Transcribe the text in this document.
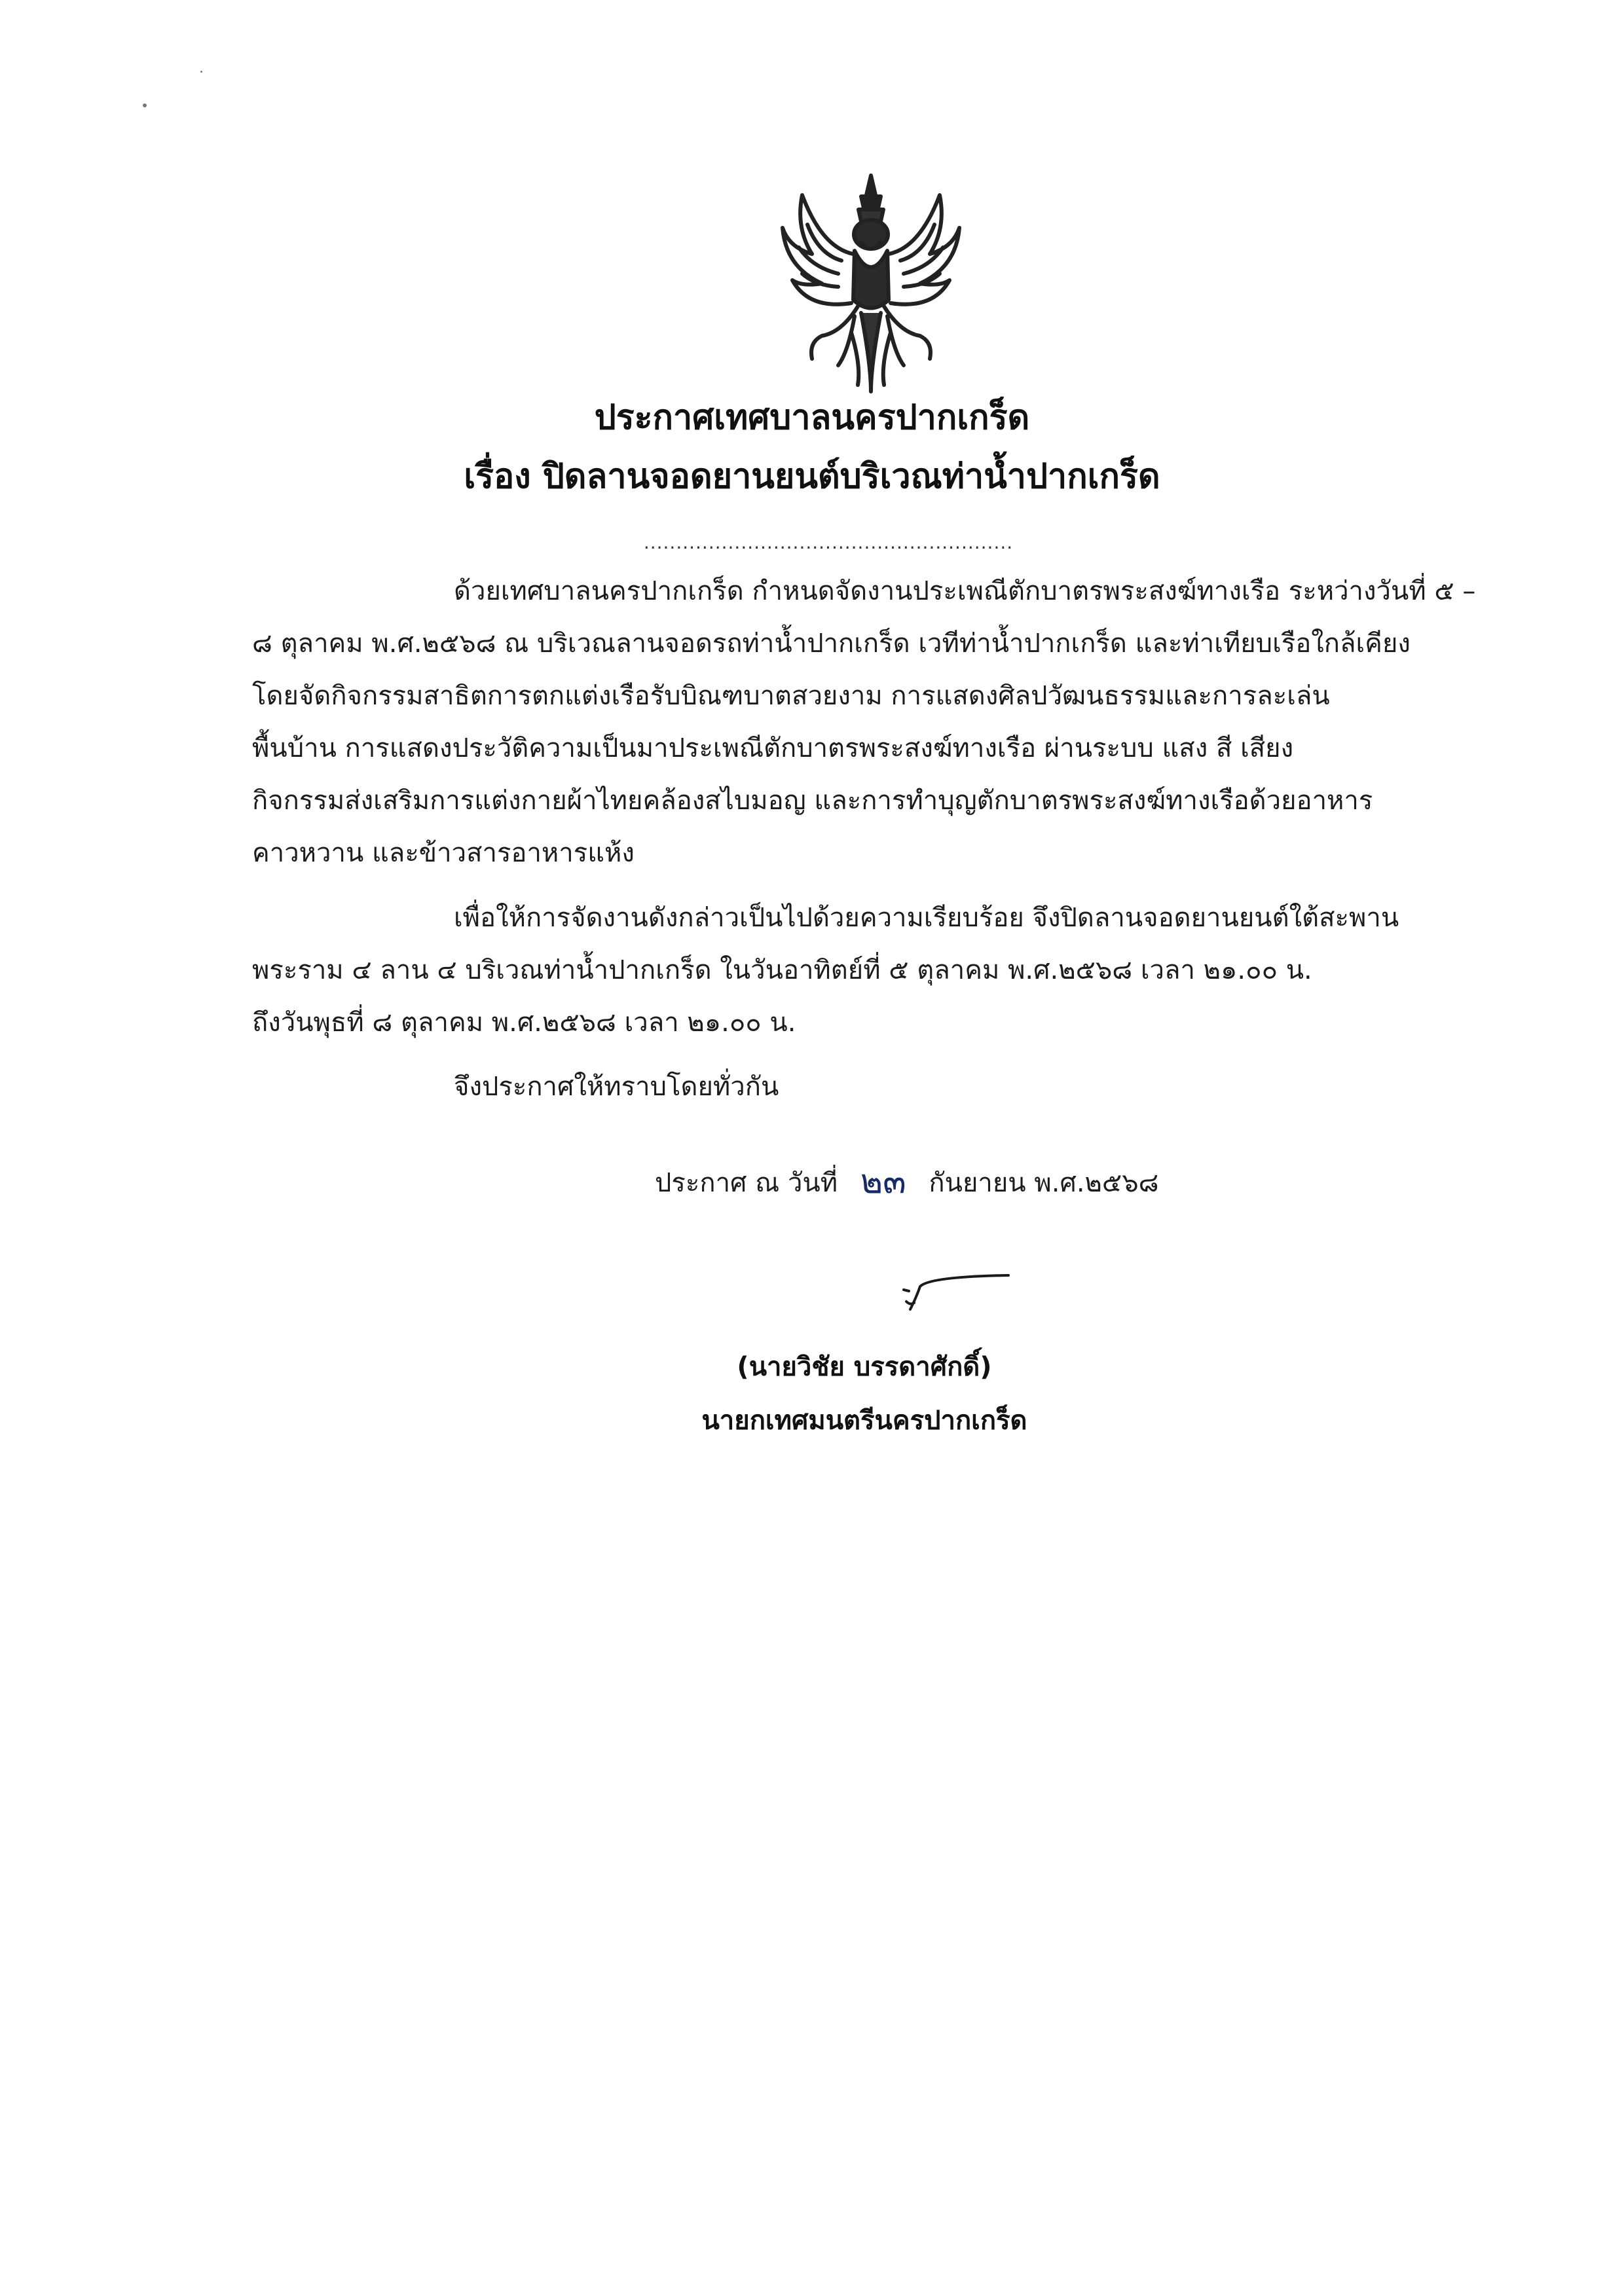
ประกาศเทศบาลนครปากเกร็ด
เรื่อง ปิดลานจอดยานยนต์บริเวณท่าน้ำปากเกร็ด
.........................................................
ด้วยเทศบาลนครปากเกร็ด กำหนดจัดงานประเพณีตักบาตรพระสงฆ์ทางเรือ ระหว่างวันที่ ๕ –
๘ ตุลาคม พ.ศ.๒๕๖๘ ณ บริเวณลานจอดรถท่าน้ำปากเกร็ด เวทีท่าน้ำปากเกร็ด และท่าเทียบเรือใกล้เคียง
โดยจัดกิจกรรมสาธิตการตกแต่งเรือรับบิณฑบาตสวยงาม การแสดงศิลปวัฒนธรรมและการละเล่น
พื้นบ้าน การแสดงประวัติความเป็นมาประเพณีตักบาตรพระสงฆ์ทางเรือ ผ่านระบบ แสง สี เสียง
กิจกรรมส่งเสริมการแต่งกายผ้าไทยคล้องสไบมอญ และการทำบุญตักบาตรพระสงฆ์ทางเรือด้วยอาหาร
คาวหวาน และข้าวสารอาหารแห้ง
เพื่อให้การจัดงานดังกล่าวเป็นไปด้วยความเรียบร้อย จึงปิดลานจอดยานยนต์ใต้สะพาน
พระราม ๔ ลาน ๔ บริเวณท่าน้ำปากเกร็ด ในวันอาทิตย์ที่ ๕ ตุลาคม พ.ศ.๒๕๖๘ เวลา ๒๑.๐๐ น.
ถึงวันพุธที่ ๘ ตุลาคม พ.ศ.๒๕๖๘ เวลา ๒๑.๐๐ น.
จึงประกาศให้ทราบโดยทั่วกัน
ประกาศ ณ วันที่ ๒๓ กันยายน พ.ศ.๒๕๖๘
(นายวิชัย บรรดาศักดิ์)
นายกเทศมนตรีนครปากเกร็ด
